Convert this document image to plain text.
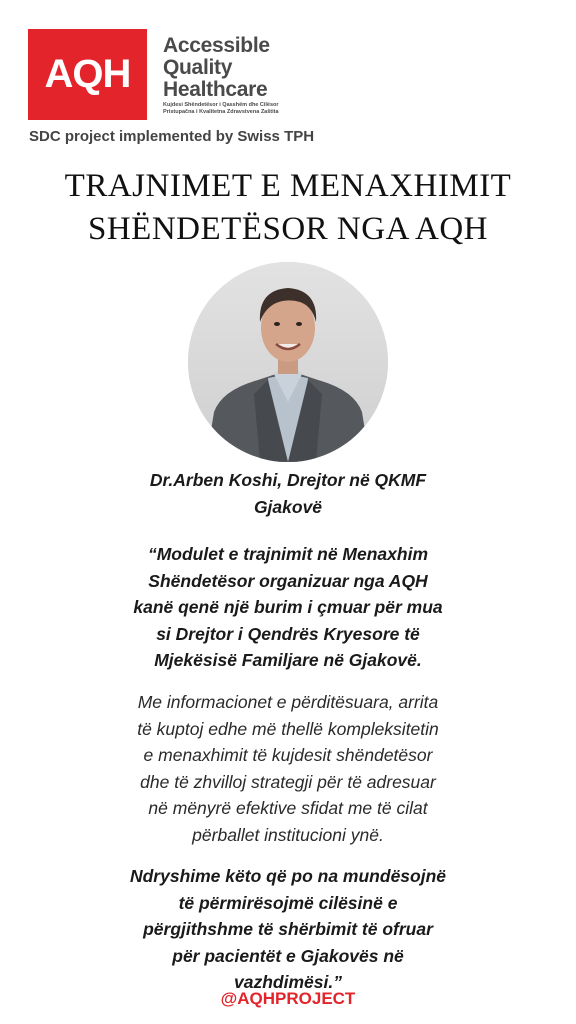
AQH
Accessible
Quality
Healthcare
Kujdesi Shëndetësor i Qasshëm dhe Cilësor
Pristupačna i Kvalitetna Zdravstvena Zaštita
SDC project implemented by Swiss TPH
TRAJNIMET E MENAXHIMIT
SHËNDETËSOR NGA AQH
Dr.Arben Koshi, Drejtor në QKMF
Gjakovë
“Modulet e trajnimit në Menaxhim
Shëndetësor organizuar nga AQH
kanë qenë një burim i çmuar për mua
si Drejtor i Qendrës Kryesore të
Mjekësisë Familjare në Gjakovë.
Me informacionet e përditësuara, arrita
të kuptoj edhe më thellë kompleksitetin
e menaxhimit të kujdesit shëndetësor
dhe të zhvilloj strategji për të adresuar
në mënyrë efektive sfidat me të cilat
përballet institucioni ynë.
Ndryshime këto që po na mundësojnë
të përmirësojmë cilësinë e
përgjithshme të shërbimit të ofruar
për pacientët e Gjakovës në
vazhdimësi.”
@AQHPROJECT
